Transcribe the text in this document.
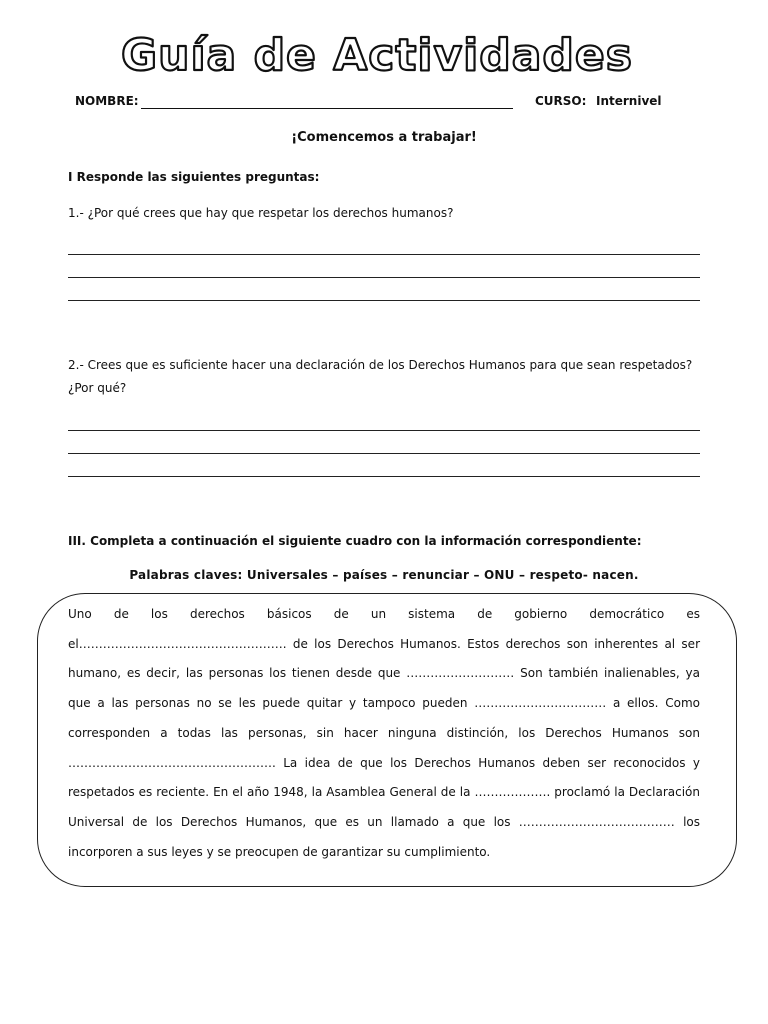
Guía de Actividades
NOMBRE:	CURSO: Internivel
¡Comencemos a trabajar!
I Responde las siguientes preguntas:
1.- ¿Por qué crees que hay que respetar los derechos humanos?
2.- Crees que es suficiente hacer una declaración de los Derechos Humanos para que sean respetados? ¿Por qué?
III. Completa a continuación el siguiente cuadro con la información correspondiente:
Palabras claves: Universales – países – renunciar – ONU – respeto- nacen.
Uno de los derechos básicos de un sistema de gobierno democrático es el……………………………………………. de los Derechos Humanos. Estos derechos son inherentes al ser humano, es decir, las personas los tienen desde que ……………………… Son también inalienables, ya que a las personas no se les puede quitar y tampoco pueden …………………………… a ellos. Como corresponden a todas las personas, sin hacer ninguna distinción, los Derechos Humanos son ……………………………………………. La idea de que los Derechos Humanos deben ser reconocidos y respetados es reciente. En el año 1948, la Asamblea General de la ………………. proclamó la Declaración Universal de los Derechos Humanos, que es un llamado a que los ………………………………… los incorporen a sus leyes y se preocupen de garantizar su cumplimiento.
